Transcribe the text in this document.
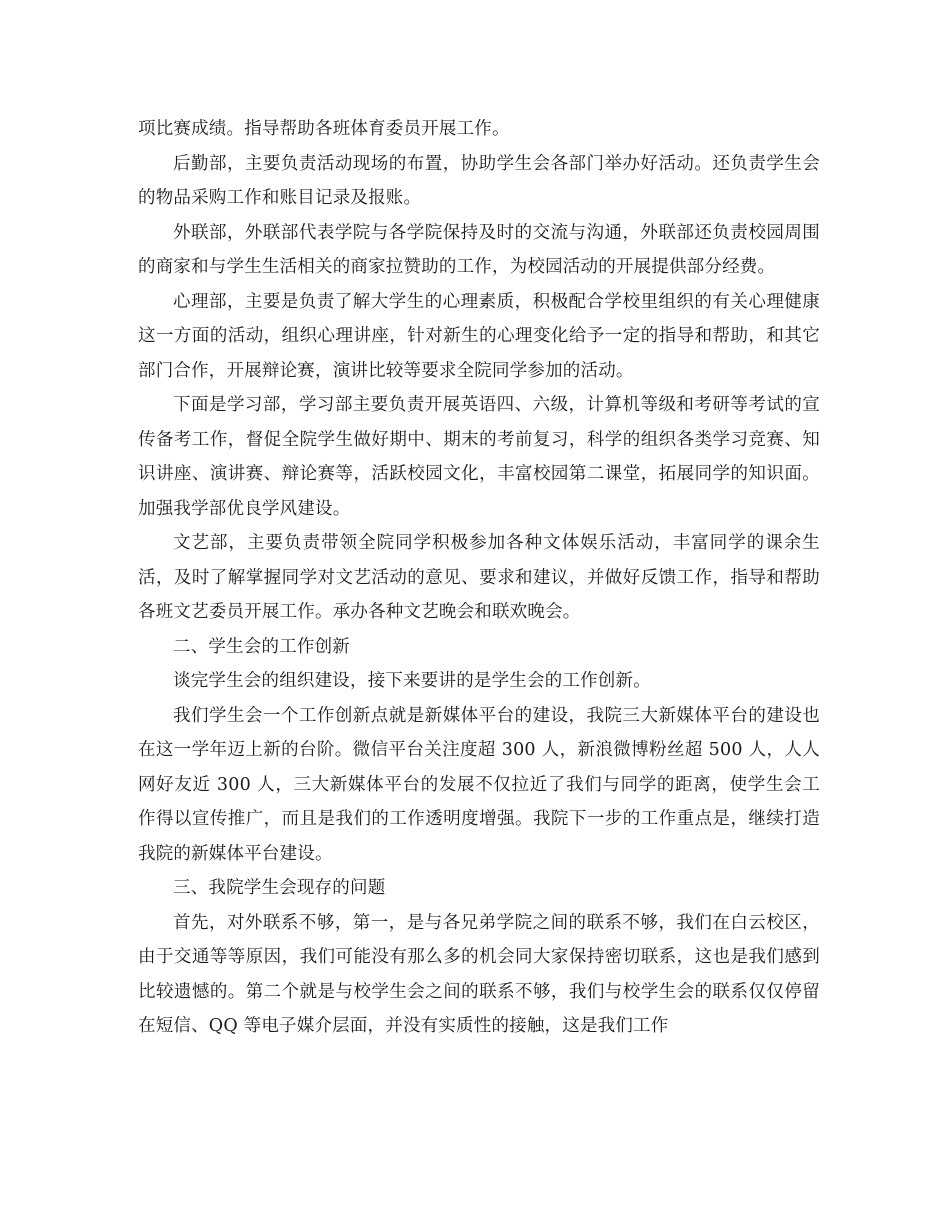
项比赛成绩。指导帮助各班体育委员开展工作。

后勤部，主要负责活动现场的布置，协助学生会各部门举办好活动。还负责学生会的物品采购工作和账目记录及报账。

外联部，外联部代表学院与各学院保持及时的交流与沟通，外联部还负责校园周围的商家和与学生生活相关的商家拉赞助的工作，为校园活动的开展提供部分经费。

心理部，主要是负责了解大学生的心理素质，积极配合学校里组织的有关心理健康这一方面的活动，组织心理讲座，针对新生的心理变化给予一定的指导和帮助，和其它部门合作，开展辩论赛，演讲比较等要求全院同学参加的活动。

下面是学习部，学习部主要负责开展英语四、六级，计算机等级和考研等考试的宣传备考工作，督促全院学生做好期中、期末的考前复习，科学的组织各类学习竞赛、知识讲座、演讲赛、辩论赛等，活跃校园文化，丰富校园第二课堂，拓展同学的知识面。加强我学部优良学风建设。

文艺部，主要负责带领全院同学积极参加各种文体娱乐活动，丰富同学的课余生活，及时了解掌握同学对文艺活动的意见、要求和建议，并做好反馈工作，指导和帮助各班文艺委员开展工作。承办各种文艺晚会和联欢晚会。

二、学生会的工作创新

谈完学生会的组织建设，接下来要讲的是学生会的工作创新。

我们学生会一个工作创新点就是新媒体平台的建设，我院三大新媒体平台的建设也在这一学年迈上新的台阶。微信平台关注度超 300 人，新浪微博粉丝超 500 人，人人网好友近 300 人，三大新媒体平台的发展不仅拉近了我们与同学的距离，使学生会工作得以宣传推广，而且是我们的工作透明度增强。我院下一步的工作重点是，继续打造我院的新媒体平台建设。

三、我院学生会现存的问题

首先，对外联系不够，第一，是与各兄弟学院之间的联系不够，我们在白云校区，由于交通等等原因，我们可能没有那么多的机会同大家保持密切联系，这也是我们感到比较遗憾的。第二个就是与校学生会之间的联系不够，我们与校学生会的联系仅仅停留在短信、QQ 等电子媒介层面，并没有实质性的接触，这是我们工作
